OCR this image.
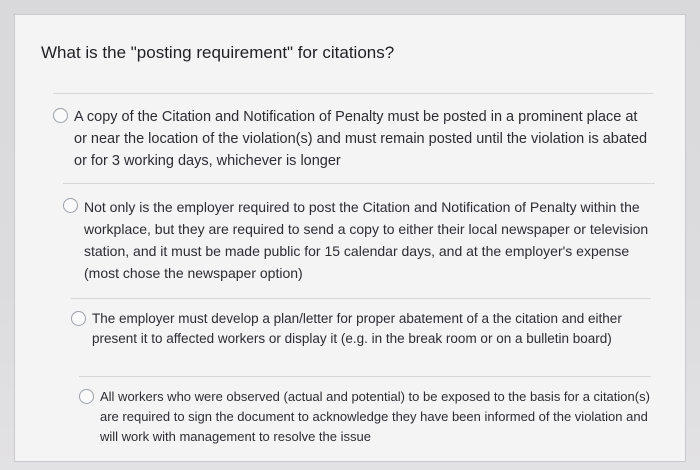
What is the "posting requirement" for citations?
A copy of the Citation and Notification of Penalty must be posted in a prominent place at or near the location of the violation(s) and must remain posted until the violation is abated or for 3 working days, whichever is longer
Not only is the employer required to post the Citation and Notification of Penalty within the workplace, but they are required to send a copy to either their local newspaper or television station, and it must be made public for 15 calendar days, and at the employer's expense (most chose the newspaper option)
The employer must develop a plan/letter for proper abatement of a the citation and either present it to affected workers or display it (e.g. in the break room or on a bulletin board)
All workers who were observed (actual and potential) to be exposed to the basis for a citation(s) are required to sign the document to acknowledge they have been informed of the violation and will work with management to resolve the issue
